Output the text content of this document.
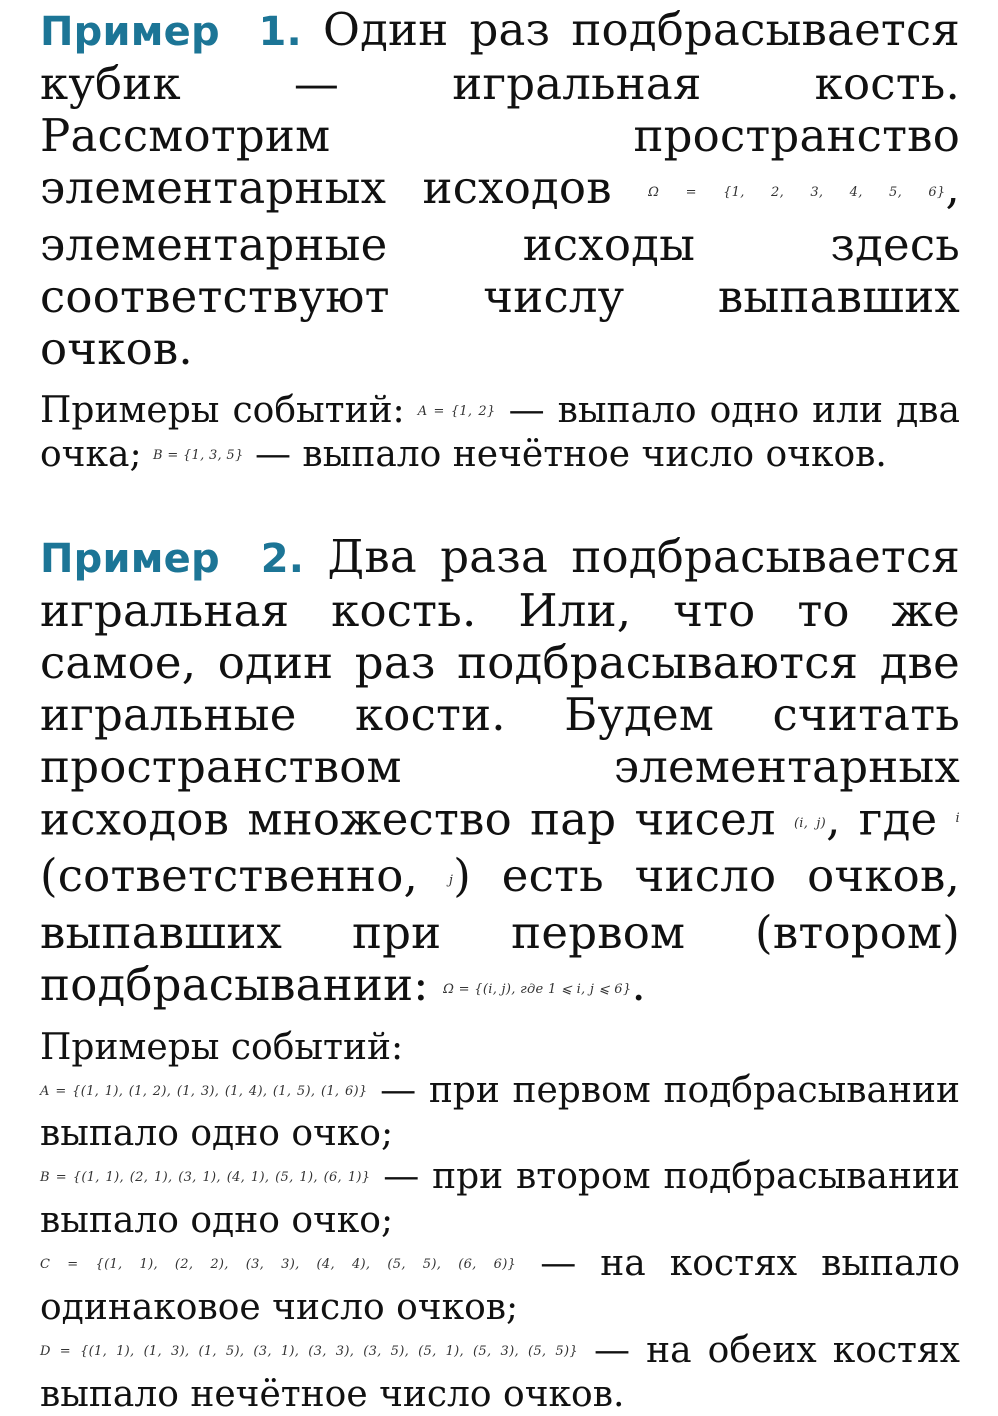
Пример 1. Один раз подбрасывается кубик — игральная кость. Рассмотрим пространство элементарных исходов	Ω = {1, 2, 3, 4, 5, 6}, элементарные исходы здесь соответствуют числу выпавших очков.

Примеры событий: A = {1, 2} — выпало одно или два очка; B = {1, 3, 5} — выпало нечётное число очков.

Пример 2. Два раза подбрасывается игральная кость. Или, что то же самое, один раз подбрасываются две игральные кости. Будем считать пространством элементарных исходов множество пар чисел (i, j), где $^i$ (сответственно, j) есть число очков, выпавших при первом (втором) подбрасывании: Ω = {(i, j), где 1 ⩽ i, j ⩽ 6}.

Примеры событий:
A = {(1, 1), (1, 2), (1, 3), (1, 4), (1, 5), (1, 6)} — при первом подбрасывании выпало одно очко;
B = {(1, 1), (2, 1), (3, 1), (4, 1), (5, 1), (6, 1)} — при втором подбрасывании выпало одно очко;
C = {(1, 1), (2, 2), (3, 3), (4, 4), (5, 5), (6, 6)} — на костях выпало одинаковое число очков;
D = {(1, 1), (1, 3), (1, 5), (3, 1), (3, 3), (3, 5), (5, 1), (5, 3), (5, 5)} — на обеих костях выпало нечётное число очков.
